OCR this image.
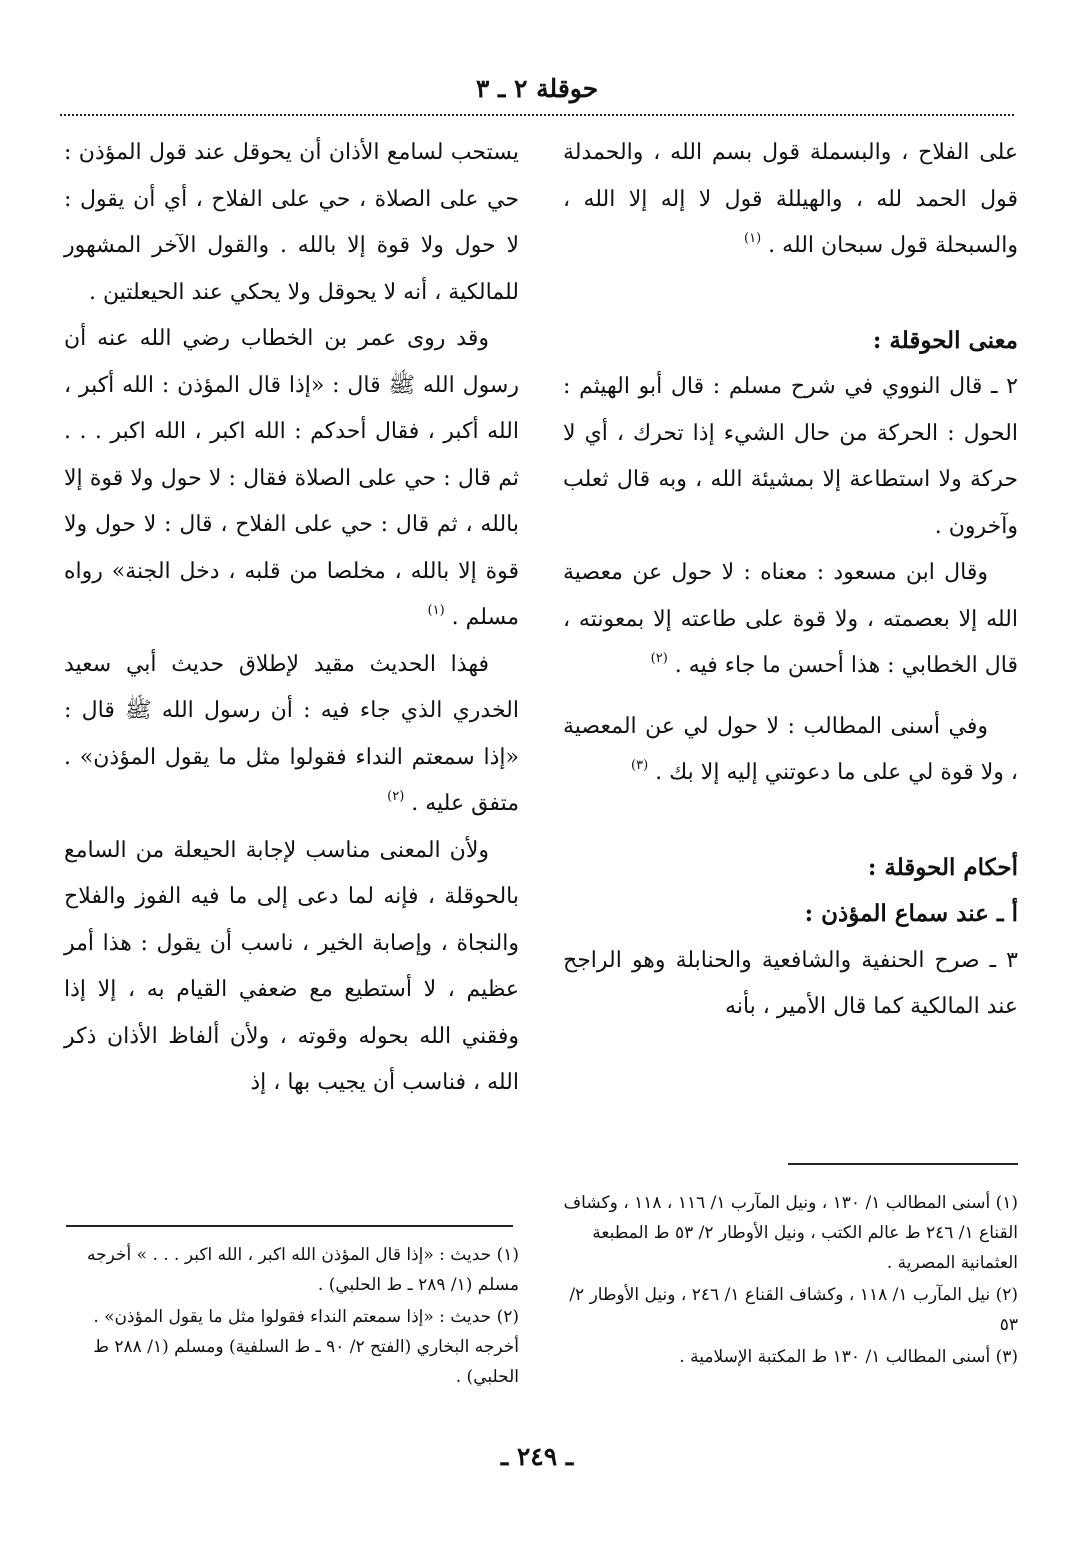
حوقلة ٢ ـ ٣

على الفلاح ، والبسملة قول بسم الله ، والحمدلة قول الحمد لله ، والهيللة قول لا إله إلا الله ، والسبحلة قول سبحان الله . $^{(١)}$

معنى الحوقلة :

٢ ـ قال النووي في شرح مسلم : قال أبو الهيثم : الحول : الحركة من حال الشيء إذا تحرك ، أي لا حركة ولا استطاعة إلا بمشيئة الله ، وبه قال ثعلب وآخرون .

وقال ابن مسعود : معناه : لا حول عن معصية الله إلا بعصمته ، ولا قوة على طاعته إلا بمعونته ، قال الخطابي : هذا أحسن ما جاء فيه . $^{(٢)}$

وفي أسنى المطالب : لا حول لي عن المعصية ، ولا قوة لي على ما دعوتني إليه إلا بك . $^{(٣)}$

أحكام الحوقلة :

أ ـ عند سماع المؤذن :

٣ ـ صرح الحنفية والشافعية والحنابلة وهو الراجح عند المالكية كما قال الأمير ، بأنه

يستحب لسامع الأذان أن يحوقل عند قول المؤذن : حي على الصلاة ، حي على الفلاح ، أي أن يقول : لا حول ولا قوة إلا بالله . والقول الآخر المشهور للمالكية ، أنه لا يحوقل ولا يحكي عند الحيعلتين .

وقد روى عمر بن الخطاب رضي الله عنه أن رسول الله ﷺ قال : «إذا قال المؤذن : الله أكبر ، الله أكبر ، فقال أحدكم : الله اكبر ، الله اكبر . . . ثم قال : حي على الصلاة فقال : لا حول ولا قوة إلا بالله ، ثم قال : حي على الفلاح ، قال : لا حول ولا قوة إلا بالله ، مخلصا من قلبه ، دخل الجنة» رواه مسلم . $^{(١)}$

فهذا الحديث مقيد لإطلاق حديث أبي سعيد الخدري الذي جاء فيه : أن رسول الله ﷺ قال : «إذا سمعتم النداء فقولوا مثل ما يقول المؤذن» . متفق عليه . $^{(٢)}$

ولأن المعنى مناسب لإجابة الحيعلة من السامع بالحوقلة ، فإنه لما دعى إلى ما فيه الفوز والفلاح والنجاة ، وإصابة الخير ، ناسب أن يقول : هذا أمر عظيم ، لا أستطيع مع ضعفي القيام به ، إلا إذا وفقني الله بحوله وقوته ، ولأن ألفاظ الأذان ذكر الله ، فناسب أن يجيب بها ، إذ

(١) أسنى المطالب ١/ ١٣٠ ، ونيل المآرب ١/ ١١٦ ، ١١٨ ، وكشاف القناع ١/ ٢٤٦ ط عالم الكتب ، ونيل الأوطار ٢/ ٥٣ ط المطبعة العثمانية المصرية .

(٢) نيل المآرب ١/ ١١٨ ، وكشاف القناع ١/ ٢٤٦ ، ونيل الأوطار ٢/ ٥٣

(٣) أسنى المطالب ١/ ١٣٠ ط المكتبة الإسلامية .

(١) حديث : «إذا قال المؤذن الله اكبر ، الله اكبر . . . » أخرجه مسلم (١/ ٢٨٩ ـ ط الحلبي) .

(٢) حديث : «إذا سمعتم النداء فقولوا مثل ما يقول المؤذن» . أخرجه البخاري (الفتح ٢/ ٩٠ ـ ط السلفية) ومسلم (١/ ٢٨٨ ط الحلبي) .

ـ ٢٤٩ ـ
